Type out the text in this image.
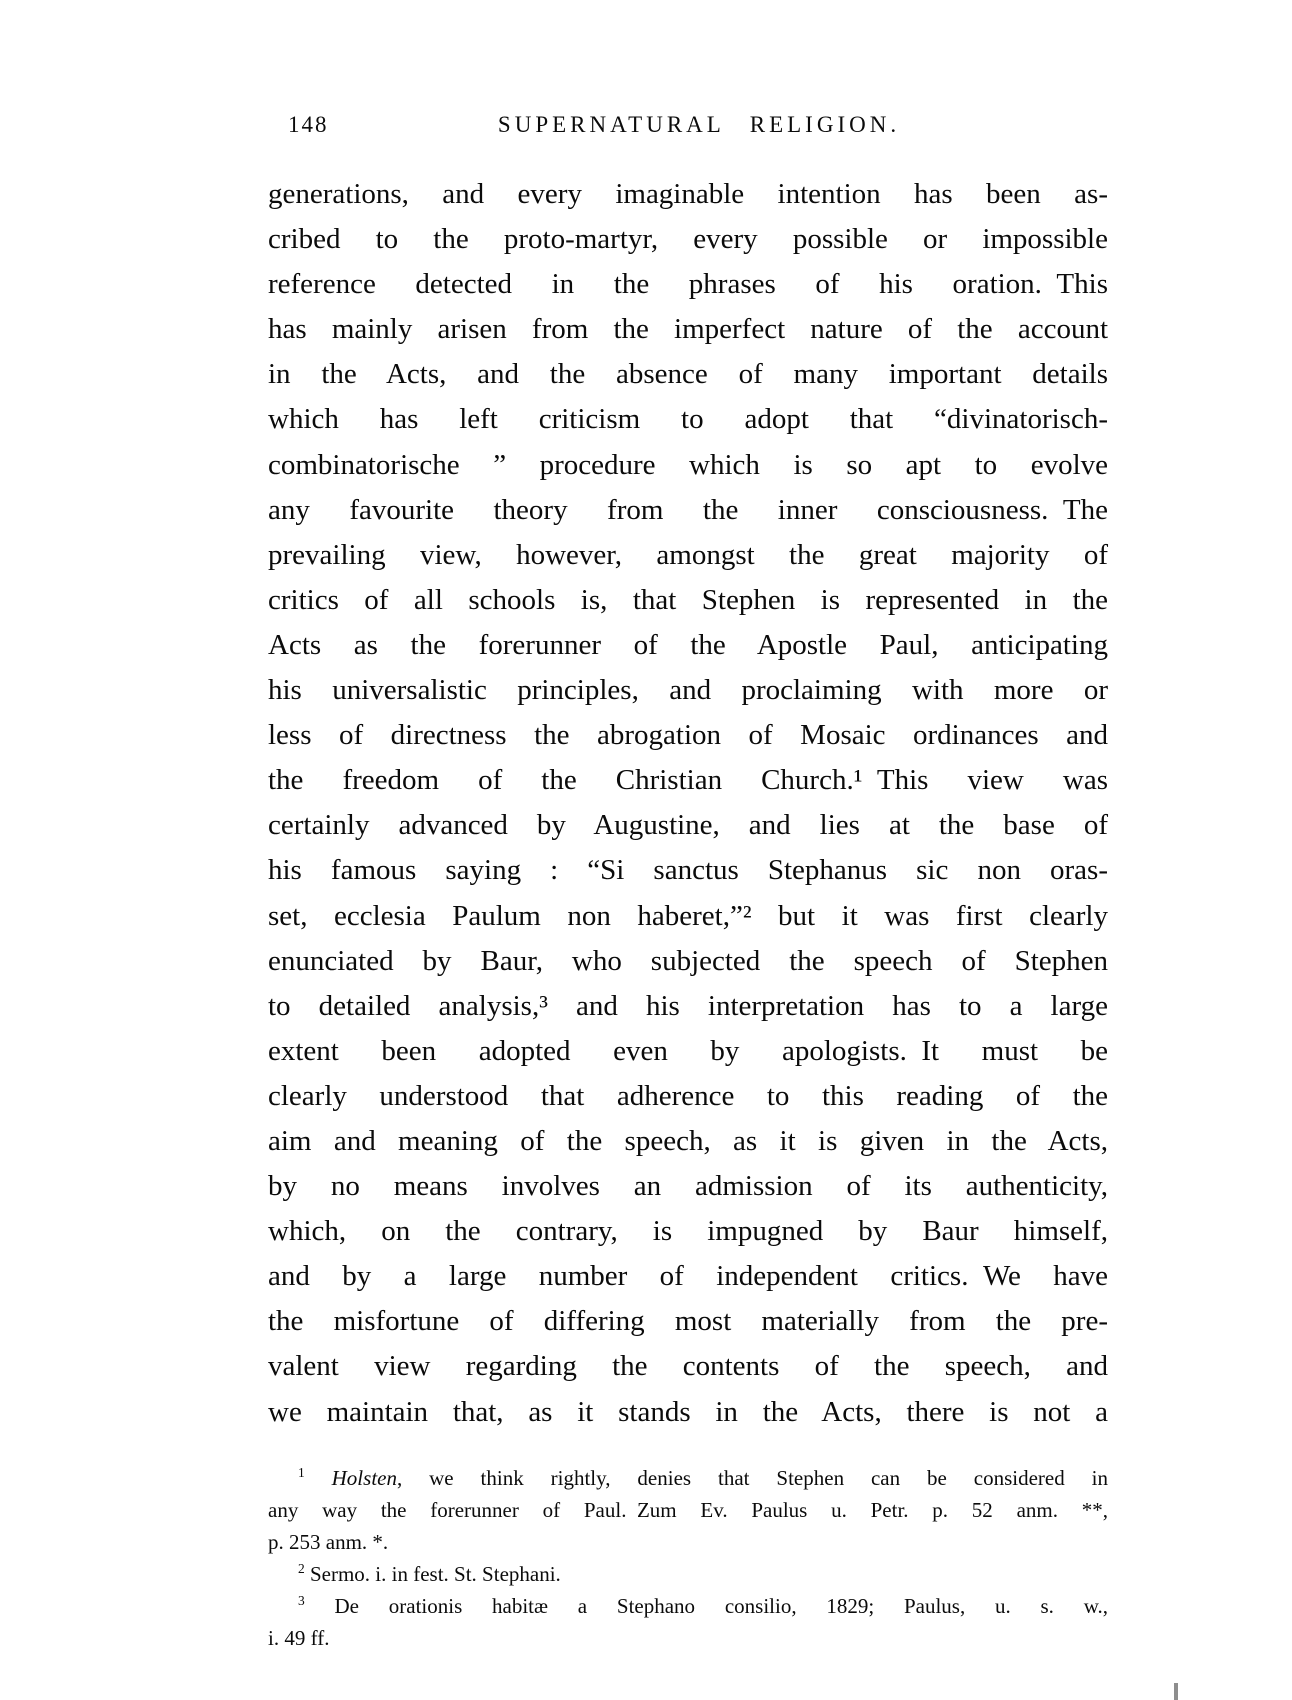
148	SUPERNATURAL RELIGION.
generations, and every imaginable intention has been as-
cribed to the proto-martyr, every possible or impossible
reference detected in the phrases of his oration. This
has mainly arisen from the imperfect nature of the account
in the Acts, and the absence of many important details
which has left criticism to adopt that “divinatorisch-
combinatorische ” procedure which is so apt to evolve
any favourite theory from the inner consciousness. The
prevailing view, however, amongst the great majority of
critics of all schools is, that Stephen is represented in the
Acts as the forerunner of the Apostle Paul, anticipating
his universalistic principles, and proclaiming with more or
less of directness the abrogation of Mosaic ordinances and
the freedom of the Christian Church.¹ This view was
certainly advanced by Augustine, and lies at the base of
his famous saying : “Si sanctus Stephanus sic non oras-
set, ecclesia Paulum non haberet,”² but it was first clearly
enunciated by Baur, who subjected the speech of Stephen
to detailed analysis,³ and his interpretation has to a large
extent been adopted even by apologists. It must be
clearly understood that adherence to this reading of the
aim and meaning of the speech, as it is given in the Acts,
by no means involves an admission of its authenticity,
which, on the contrary, is impugned by Baur himself,
and by a large number of independent critics. We have
the misfortune of differing most materially from the pre-
valent view regarding the contents of the speech, and
we maintain that, as it stands in the Acts, there is not a
$^1$ Holsten, we think rightly, denies that Stephen can be considered in
any way the forerunner of Paul. Zum Ev. Paulus u. Petr. p. 52 anm. **,
p. 253 anm. *.
$^2$ Sermo. i. in fest. St. Stephani.
$^3$ De orationis habitæ a Stephano consilio, 1829; Paulus, u. s. w.,
i. 49 ff.
